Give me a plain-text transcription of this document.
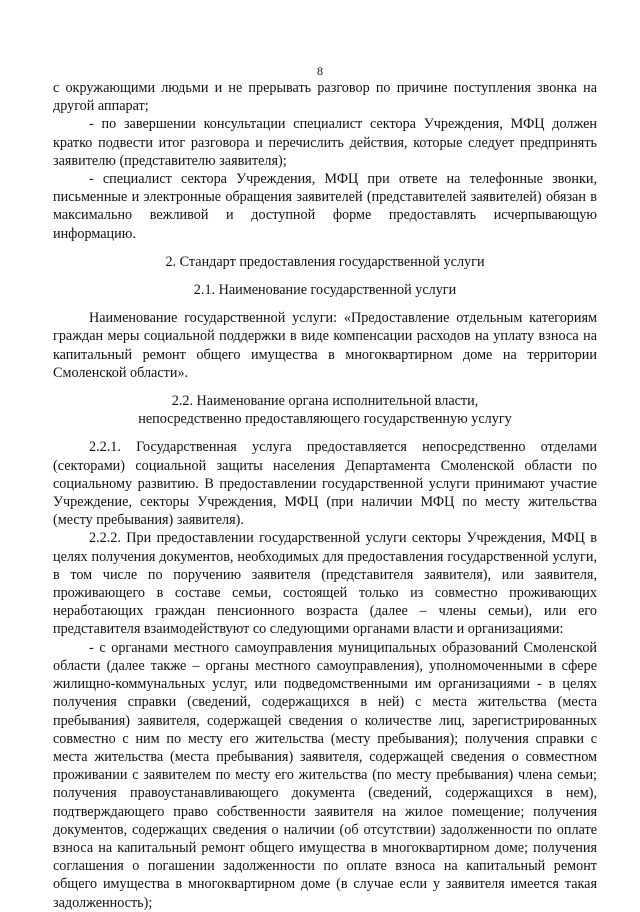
8

с окружающими людьми и не прерывать разговор по причине поступления звонка на другой аппарат;

- по завершении консультации специалист сектора Учреждения, МФЦ должен кратко подвести итог разговора и перечислить действия, которые следует предпринять заявителю (представителю заявителя);

- специалист сектора Учреждения, МФЦ при ответе на телефонные звонки, письменные и электронные обращения заявителей (представителей заявителей) обязан в максимально вежливой и доступной форме предоставлять исчерпывающую информацию.

2. Стандарт предоставления государственной услуги

2.1. Наименование государственной услуги

Наименование государственной услуги: «Предоставление отдельным категориям граждан меры социальной поддержки в виде компенсации расходов на уплату взноса на капитальный ремонт общего имущества в многоквартирном доме на территории Смоленской области».

2.2. Наименование органа исполнительной власти,

непосредственно предоставляющего государственную услугу

2.2.1. Государственная услуга предоставляется непосредственно отделами (секторами) социальной защиты населения Департамента Смоленской области по социальному развитию. В предоставлении государственной услуги принимают участие Учреждение, секторы Учреждения, МФЦ (при наличии МФЦ по месту жительства (месту пребывания) заявителя).

2.2.2. При предоставлении государственной услуги секторы Учреждения, МФЦ в целях получения документов, необходимых для предоставления государственной услуги, в том числе по поручению заявителя (представителя заявителя), или заявителя, проживающего в составе семьи, состоящей только из совместно проживающих неработающих граждан пенсионного возраста (далее – члены семьи), или его представителя взаимодействуют со следующими органами власти и организациями:

- с органами местного самоуправления муниципальных образований Смоленской области (далее также – органы местного самоуправления), уполномоченными в сфере жилищно-коммунальных услуг, или подведомственными им организациями - в целях получения справки (сведений, содержащихся в ней) с места жительства (места пребывания) заявителя, содержащей сведения о количестве лиц, зарегистрированных совместно с ним по месту его жительства (месту пребывания); получения справки с места жительства (места пребывания) заявителя, содержащей сведения о совместном проживании с заявителем по месту его жительства (по месту пребывания) члена семьи; получения правоустанавливающего документа (сведений, содержащихся в нем), подтверждающего право собственности заявителя на жилое помещение; получения документов, содержащих сведения о наличии (об отсутствии) задолженности по оплате взноса на капитальный ремонт общего имущества в многоквартирном доме; получения соглашения о погашении задолженности по оплате взноса на капитальный ремонт общего имущества в многоквартирном доме (в случае если у заявителя имеется такая задолженность);
